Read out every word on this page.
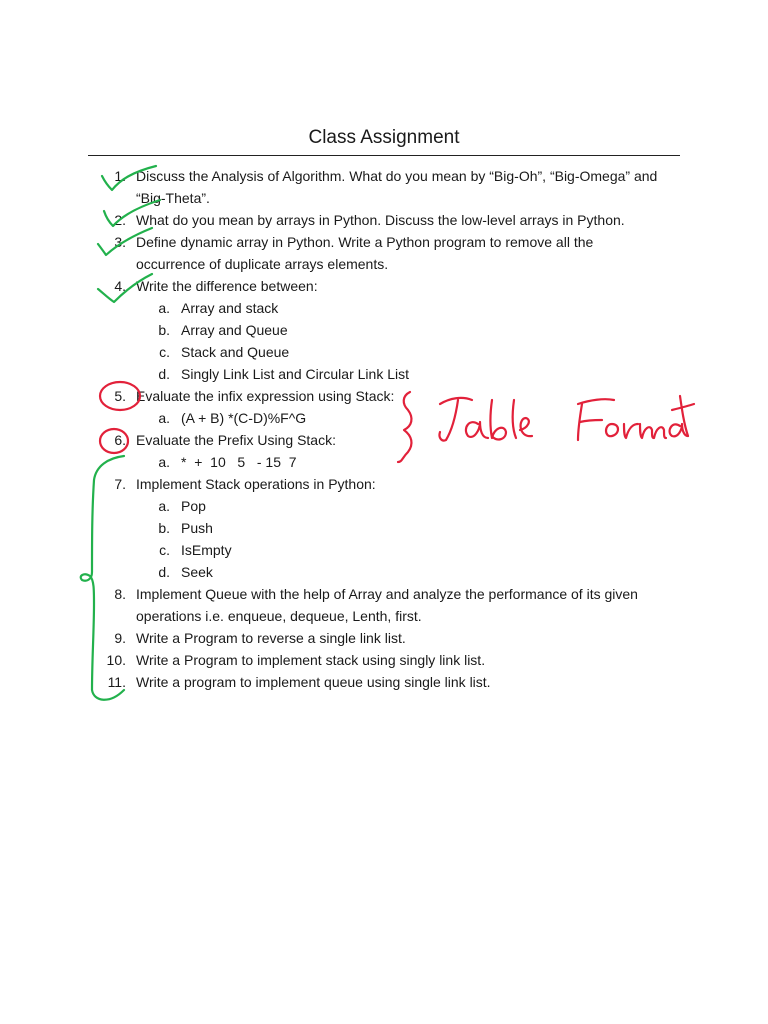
Class Assignment
1. Discuss the Analysis of Algorithm. What do you mean by “Big-Oh”, “Big-Omega” and
“Big-Theta”.
2. What do you mean by arrays in Python. Discuss the low-level arrays in Python.
3. Define dynamic array in Python. Write a Python program to remove all the
occurrence of duplicate arrays elements.
4. Write the difference between:
a. Array and stack
b. Array and Queue
c. Stack and Queue
d. Singly Link List and Circular Link List
5. Evaluate the infix expression using Stack:
a. (A + B) *(C-D)%F^G
6. Evaluate the Prefix Using Stack:
a. *  +  10   5   - 15  7
7. Implement Stack operations in Python:
a. Pop
b. Push
c. IsEmpty
d. Seek
8. Implement Queue with the help of Array and analyze the performance of its given
operations i.e. enqueue, dequeue, Lenth, first.
9. Write a Program to reverse a single link list.
10. Write a Program to implement stack using singly link list.
11. Write a program to implement queue using single link list.
